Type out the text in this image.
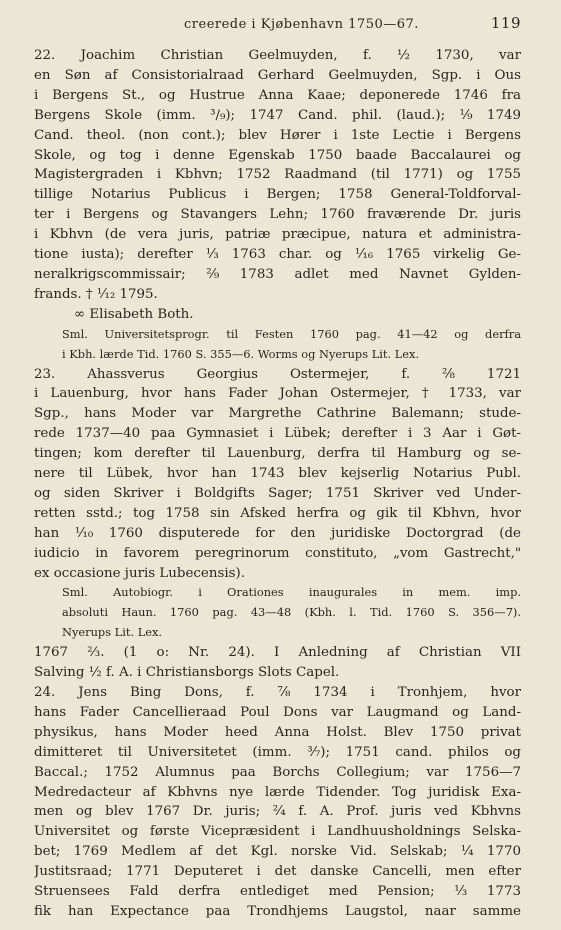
creerede i Kjøbenhavn 1750—67.	119
22. Joachim Christian Geelmuyden, f. ½ 1730, var
en Søn af Consistorialraad Gerhard Geelmuyden, Sgp. i Ous
i Bergens St., og Hustrue Anna Kaae; deponerede 1746 fra
Bergens Skole (imm. ³/₉); 1747 Cand. phil. (laud.); ¹⁄₉ 1749
Cand. theol. (non cont.); blev Hører i 1ste Lectie i Bergens
Skole, og tog i denne Egenskab 1750 baade Baccalaurei og
Magistergraden i Kbhvn; 1752 Raadmand (til 1771) og 1755
tillige Notarius Publicus i Bergen; 1758 General-Toldforval-
ter i Bergens og Stavangers Lehn; 1760 fraværende Dr. juris
i Kbhvn (de vera juris, patriæ præcipue, natura et administra-
tione iusta); derefter ¹⁄₃ 1763 char. og ¹⁄₁₆ 1765 virkelig Ge-
neralkrigscommissair; ²⁄₉ 1783 adlet med Navnet Gylden-
frands. † ¹⁄₁₂ 1795.
∞ Elisabeth Both.
Sml. Universitetsprogr. til Festen 1760 pag. 41—42 og derfra
i Kbh. lærde Tid. 1760 S. 355—6. Worms og Nyerups Lit. Lex.
23. Ahassverus Georgius Ostermejer, f. ²⁄₈ 1721
i Lauenburg, hvor hans Fader Johan Ostermejer, † 1733, var
Sgp., hans Moder var Margrethe Cathrine Balemann; stude-
rede 1737—40 paa Gymnasiet i Lübek; derefter i 3 Aar i Gøt-
tingen; kom derefter til Lauenburg, derfra til Hamburg og se-
nere til Lübek, hvor han 1743 blev kejserlig Notarius Publ.
og siden Skriver i Boldgifts Sager; 1751 Skriver ved Under-
retten sstd.; tog 1758 sin Afsked herfra og gik til Kbhvn, hvor
han ¹⁄₁₀ 1760 disputerede for den juridiske Doctorgrad (de
iudicio in favorem peregrinorum constituto, „vom Gastrecht,"
ex occasione juris Lubecensis).
Sml. Autobiogr. i Orationes inaugurales in mem. imp.
absoluti Haun. 1760 pag. 43—48 (Kbh. l. Tid. 1760 S. 356—7).
Nyerups Lit. Lex.
1767 ⅔. (1 o: Nr. 24). I Anledning af Christian VII
Salving ½ f. A. i Christiansborgs Slots Capel.
24. Jens Bing Dons, f. ⅞ 1734 i Tronhjem, hvor
hans Fader Cancellieraad Poul Dons var Laugmand og Land-
physikus, hans Moder heed Anna Holst. Blev 1750 privat
dimitteret til Universitetet (imm. ³⁄₇); 1751 cand. philos og
Baccal.; 1752 Alumnus paa Borchs Collegium; var 1756—7
Medredacteur af Kbhvns nye lærde Tidender. Tog juridisk Exa-
men og blev 1767 Dr. juris; ²⁄₄ f. A. Prof. juris ved Kbhvns
Universitet og første Vicepræsident i Landhuusholdnings Selska-
bet; 1769 Medlem af det Kgl. norske Vid. Selskab; ¹⁄₄ 1770
Justitsraad; 1771 Deputeret i det danske Cancelli, men efter
Struensees Fald derfra entlediget med Pension; ¹⁄₃ 1773
fik han Expectance paa Trondhjems Laugstol, naar samme
